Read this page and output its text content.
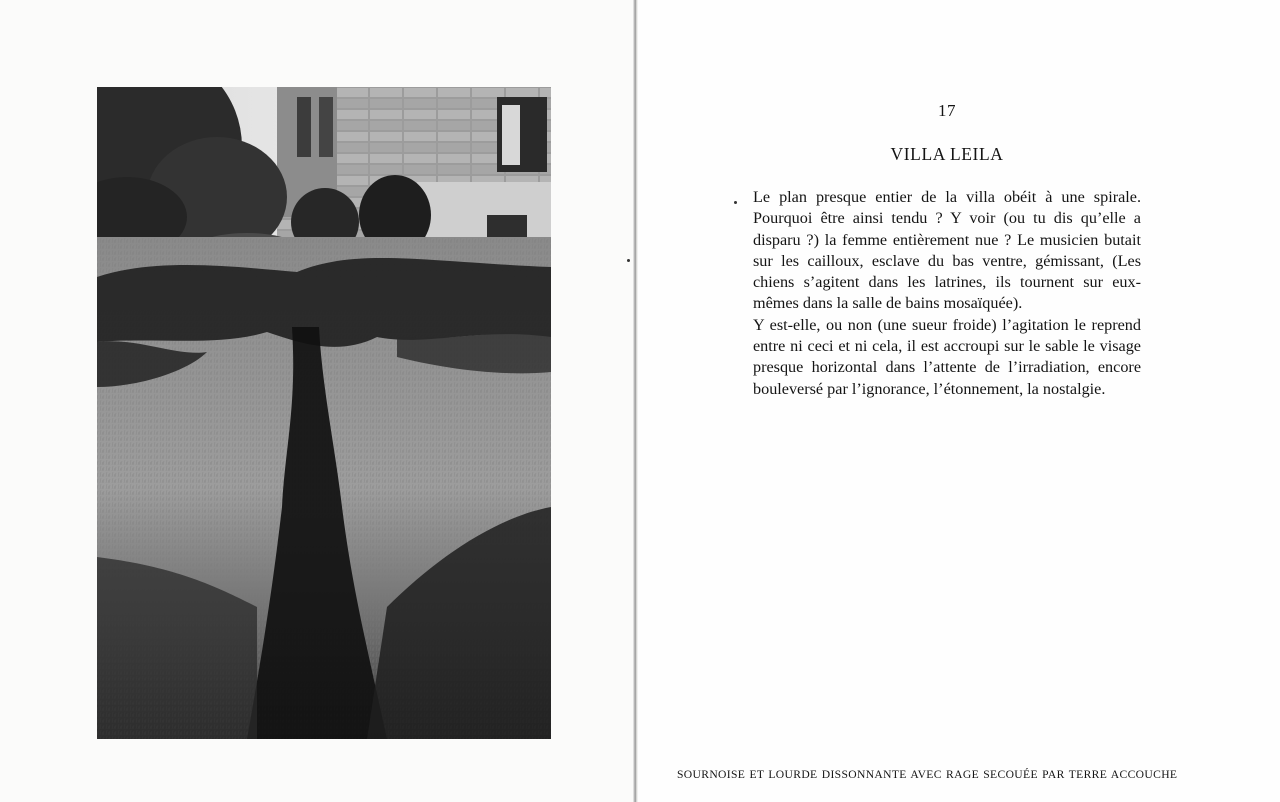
17
VILLA LEILA

Le plan presque entier de la villa obéit à une spirale. Pourquoi être ainsi tendu ? Y voir (ou tu dis qu’elle a disparu ?) la femme entièrement nue ? Le musicien butait sur les cailloux, esclave du bas ventre, gémissant, (Les chiens s’agitent dans les latrines, ils tournent sur eux-mêmes dans la salle de bains mosaïquée).

Y est-elle, ou non (une sueur froide) l’agitation le reprend entre ni ceci et ni cela, il est accroupi sur le sable le visage presque horizontal dans l’attente de l’irradiation, encore bouleversé par l’ignorance, l’étonnement, la nostalgie.

SOURNOISE ET LOURDE DISSONNANTE AVEC RAGE SECOUÉE PAR TERRE ACCOUCHE
